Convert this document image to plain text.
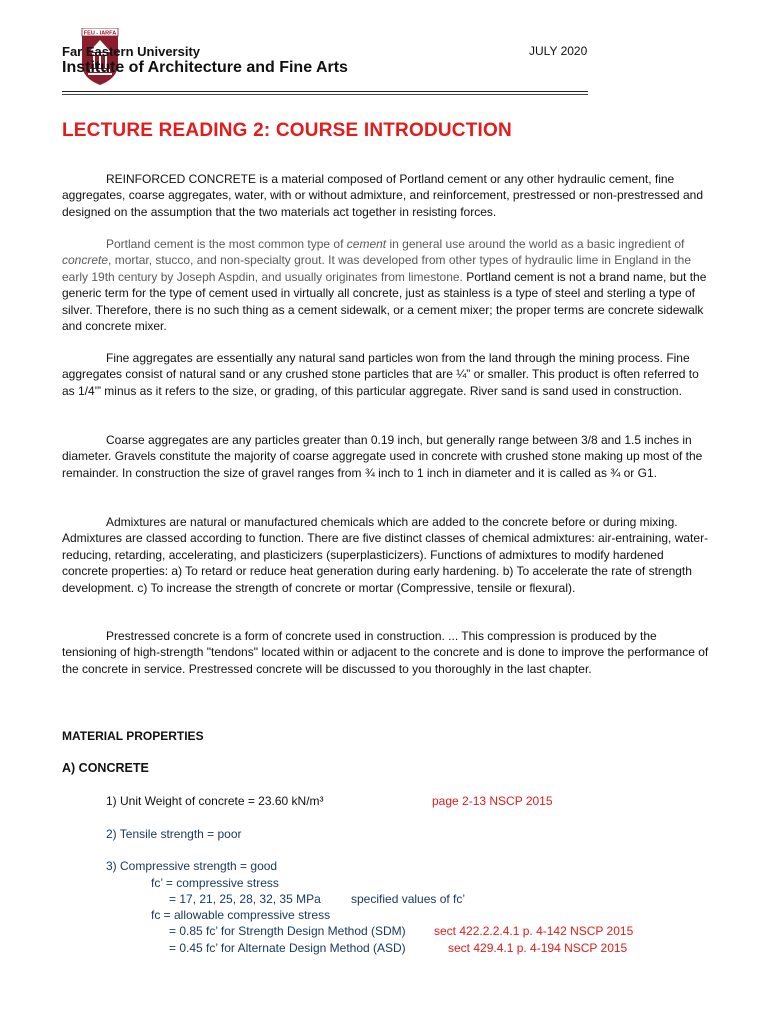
FEU - IARFA
Far Eastern University
Institute of Architecture and Fine Arts
JULY 2020
LECTURE READING 2: COURSE INTRODUCTION
REINFORCED CONCRETE is a material composed of Portland cement or any other hydraulic cement, fine aggregates, coarse aggregates, water, with or without admixture, and reinforcement, prestressed or non-prestressed and designed on the assumption that the two materials act together in resisting forces.
Portland cement is the most common type of cement in general use around the world as a basic ingredient of concrete, mortar, stucco, and non-specialty grout. It was developed from other types of hydraulic lime in England in the early 19th century by Joseph Aspdin, and usually originates from limestone. Portland cement is not a brand name, but the generic term for the type of cement used in virtually all concrete, just as stainless is a type of steel and sterling a type of silver. Therefore, there is no such thing as a cement sidewalk, or a cement mixer; the proper terms are concrete sidewalk and concrete mixer.
Fine aggregates are essentially any natural sand particles won from the land through the mining process. Fine aggregates consist of natural sand or any crushed stone particles that are ¼” or smaller. This product is often referred to as 1/4'” minus as it refers to the size, or grading, of this particular aggregate. River sand is sand used in construction.
Coarse aggregates are any particles greater than 0.19 inch, but generally range between 3/8 and 1.5 inches in diameter. Gravels constitute the majority of coarse aggregate used in concrete with crushed stone making up most of the remainder. In construction the size of gravel ranges from ¾ inch to 1 inch in diameter and it is called as ¾ or G1.
Admixtures are natural or manufactured chemicals which are added to the concrete before or during mixing. Admixtures are classed according to function. There are five distinct classes of chemical admixtures: air-entraining, water-reducing, retarding, accelerating, and plasticizers (superplasticizers). Functions of admixtures to modify hardened concrete properties: a) To retard or reduce heat generation during early hardening. b) To accelerate the rate of strength development. c) To increase the strength of concrete or mortar (Compressive, tensile or flexural).
Prestressed concrete is a form of concrete used in construction. ... This compression is produced by the tensioning of high-strength "tendons" located within or adjacent to the concrete and is done to improve the performance of the concrete in service. Prestressed concrete will be discussed to you thoroughly in the last chapter.
MATERIAL PROPERTIES
A) CONCRETE
1) Unit Weight of concrete = 23.60 kN/m³	page 2-13 NSCP 2015
2) Tensile strength = poor
3) Compressive strength = good
fc’ = compressive stress
= 17, 21, 25, 28, 32, 35 MPa	specified values of fc’
fc = allowable compressive stress
= 0.85 fc’ for Strength Design Method (SDM) sect 422.2.2.4.1 p. 4-142 NSCP 2015
= 0.45 fc’ for Alternate Design Method (ASD)	sect 429.4.1 p. 4-194 NSCP 2015
